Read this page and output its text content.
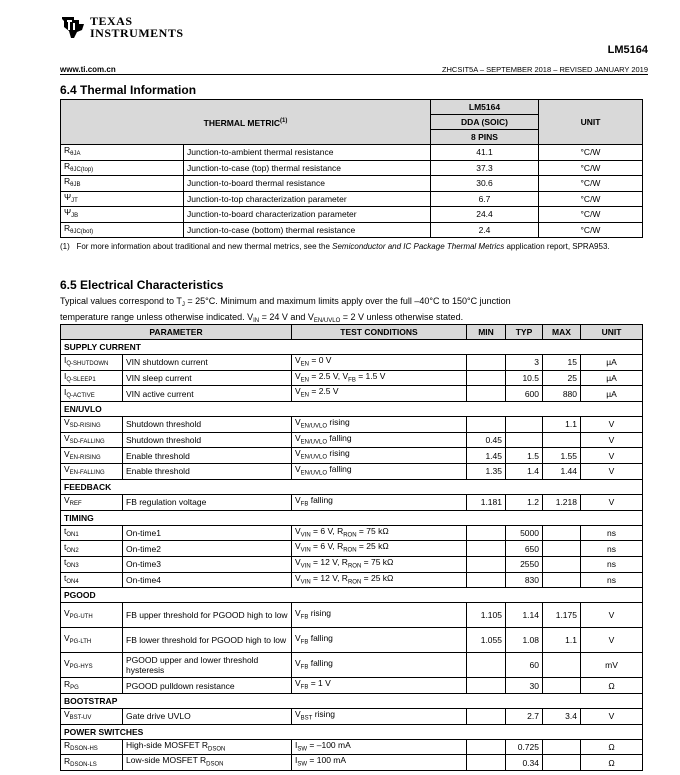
TEXAS
INSTRUMENTS
LM5164
www.ti.com.cn	ZHCSIT5A – SEPTEMBER 2018 – REVISED JANUARY 2019
6.4 Thermal Information
THERMAL METRIC$^{(1)}$		LM5164	UNIT
		DDA (SOIC)	
		8 PINS	
$R_{\theta JA}$	Junction-to-ambient thermal resistance	41.1	°C/W
$R_{\theta JC(top)}$	Junction-to-case (top) thermal resistance	37.3	°C/W
$R_{\theta JB}$	Junction-to-board thermal resistance	30.6	°C/W
$\Psi_{JT}$	Junction-to-top characterization parameter	6.7	°C/W
$\Psi_{JB}$	Junction-to-board characterization parameter	24.4	°C/W
$R_{\theta JC(bot)}$	Junction-to-case (bottom) thermal resistance	2.4	°C/W
(1) For more information about traditional and new thermal metrics, see the Semiconductor and IC Package Thermal Metrics application report, SPRA953.
6.5 Electrical Characteristics
Typical values correspond to $T_J = 25^\circ C$. Minimum and maximum limits apply over the full –40°C to 150°C junction
temperature range unless otherwise indicated. $V_{IN} = 24$ V and $V_{EN/UVLO} = 2$ V unless otherwise stated.
PARAMETER		TEST CONDITIONS	MIN	TYP	MAX	UNIT
SUPPLY CURRENT						
$I_{Q-SHUTDOWN}$	VIN shutdown current	$V_{EN} = 0$ V		3	15	µA
$I_{Q-SLEEP1}$	VIN sleep current	$V_{EN} = 2.5$ V, $V_{FB} = 1.5$ V		10.5	25	µA
$I_{Q-ACTIVE}$	VIN active current	$V_{EN} = 2.5$ V		600	880	µA
EN/UVLO						
$V_{SD-RISING}$	Shutdown threshold	$V_{EN/UVLO}$ rising			1.1	V
$V_{SD-FALLING}$	Shutdown threshold	$V_{EN/UVLO}$ falling	0.45			V
$V_{EN-RISING}$	Enable threshold	$V_{EN/UVLO}$ rising	1.45	1.5	1.55	V
$V_{EN-FALLING}$	Enable threshold	$V_{EN/UVLO}$ falling	1.35	1.4	1.44	V
FEEDBACK						
$V_{REF}$	FB regulation voltage	$V_{FB}$ falling	1.181	1.2	1.218	V
TIMING						
$t_{ON1}$	On-time1	$V_{VIN} = 6$ V, $R_{RON} = 75$ kΩ		5000		ns
$t_{ON2}$	On-time2	$V_{VIN} = 6$ V, $R_{RON} = 25$ kΩ		650		ns
$t_{ON3}$	On-time3	$V_{VIN} = 12$ V, $R_{RON} = 75$ kΩ		2550		ns
$t_{ON4}$	On-time4	$V_{VIN} = 12$ V, $R_{RON} = 25$ kΩ		830		ns
PGOOD						
$V_{PG-UTH}$	FB upper threshold for PGOOD high to low	$V_{FB}$ rising	1.105	1.14	1.175	V
$V_{PG-LTH}$	FB lower threshold for PGOOD high to low	$V_{FB}$ falling	1.055	1.08	1.1	V
$V_{PG-HYS}$	PGOOD upper and lower threshold hysteresis	$V_{FB}$ falling		60		mV
$R_{PG}$	PGOOD pulldown resistance	$V_{FB} = 1$ V		30		Ω
BOOTSTRAP						
$V_{BST-UV}$	Gate drive UVLO	$V_{BST}$ rising		2.7	3.4	V
POWER SWITCHES						
$R_{DSON-HS}$	High-side MOSFET $R_{DSON}$	$I_{SW} = -100$ mA		0.725		Ω
$R_{DSON-LS}$	Low-side MOSFET $R_{DSON}$	$I_{SW} = 100$ mA		0.34		Ω
